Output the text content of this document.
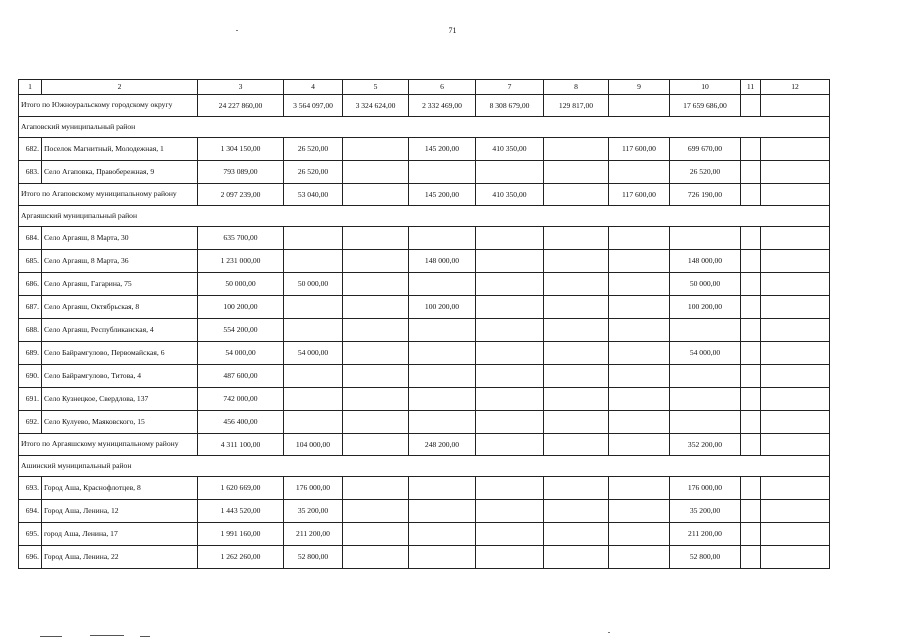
71
1	2	3	4	5	6	7	8	9	10	11	12
Итого по Южноуральскому городскому округу		24 227 860,00	3 564 097,00	3 324 624,00	2 332 469,00	8 308 679,00	129 817,00		17 659 686,00		
Агаповский муниципальный район											
682.	Поселок Магнитный, Молодежная, 1	1 304 150,00	26 520,00		145 200,00	410 350,00		117 600,00	699 670,00		
683.	Село Агаповка, Правобережная, 9	793 089,00	26 520,00						26 520,00		
Итого по Агаповскому муниципальному району		2 097 239,00	53 040,00		145 200,00	410 350,00		117 600,00	726 190,00		
Аргаяшский муниципальный район											
684.	Село Аргаяш, 8 Марта, 30	635 700,00									
685.	Село Аргаяш, 8 Марта, 36	1 231 000,00			148 000,00				148 000,00		
686.	Село Аргаяш, Гагарина, 75	50 000,00	50 000,00						50 000,00		
687.	Село Аргаяш, Октябрьская, 8	100 200,00			100 200,00				100 200,00		
688.	Село Аргаяш, Республиканская, 4	554 200,00									
689.	Село Байрамгулово, Первомайская, 6	54 000,00	54 000,00						54 000,00		
690.	Село Байрамгулово, Титова, 4	487 600,00									
691.	Село Кузнецкое, Свердлова, 137	742 000,00									
692.	Село Кулуево, Маяковского, 15	456 400,00									
Итого по Аргаяшскому муниципальному району		4 311 100,00	104 000,00		248 200,00				352 200,00		
Ашинский муниципальный район											
693.	Город Аша, Краснофлотцев, 8	1 620 669,00	176 000,00						176 000,00		
694.	Город Аша, Ленина, 12	1 443 520,00	35 200,00						35 200,00		
695.	город Аша, Ленина, 17	1 991 160,00	211 200,00						211 200,00		
696.	Город Аша, Ленина, 22	1 262 260,00	52 800,00						52 800,00		
